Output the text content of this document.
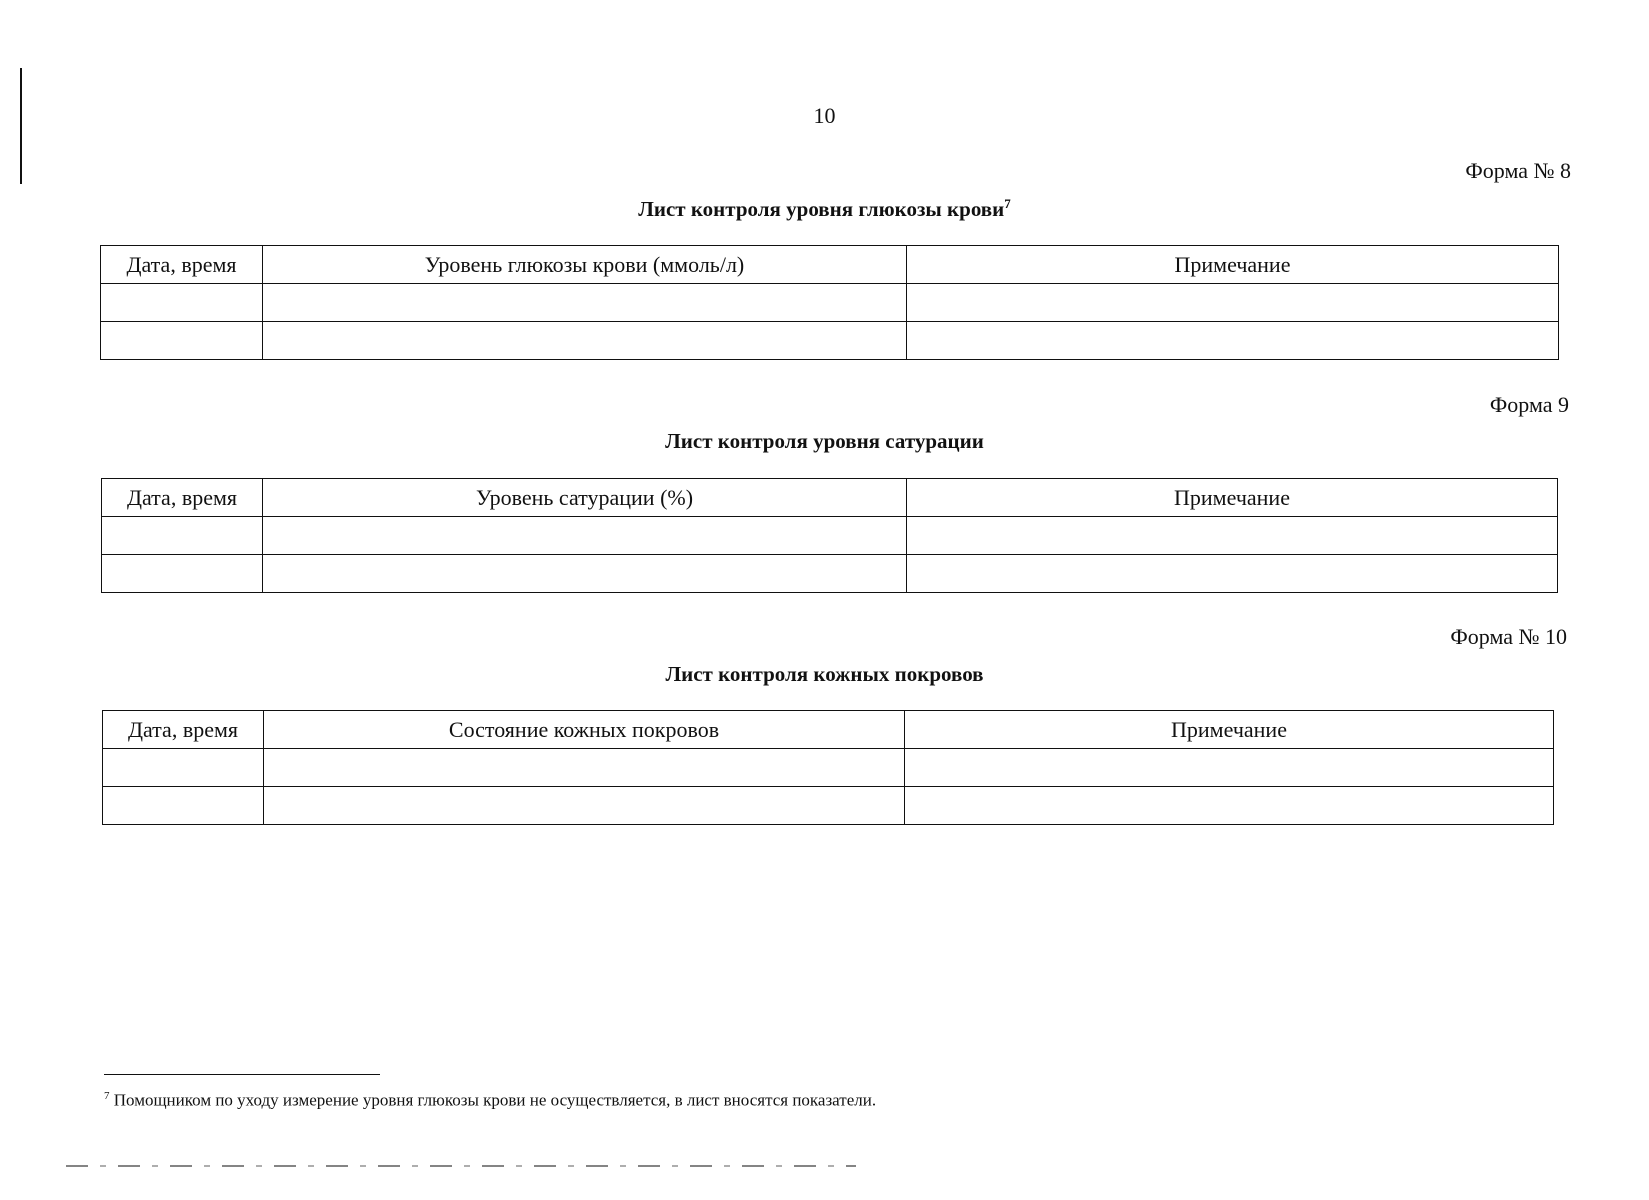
10
Форма № 8
Лист контроля уровня глюкозы крови$^7$
Дата, время	Уровень глюкозы крови (ммоль/л)	Примечание

Форма 9
Лист контроля уровня сатурации
Дата, время	Уровень сатурации (%)	Примечание

Форма № 10
Лист контроля кожных покровов
Дата, время	Состояние кожных покровов	Примечание

$^7$ Помощником по уходу измерение уровня глюкозы крови не осуществляется, в лист вносятся показатели.
